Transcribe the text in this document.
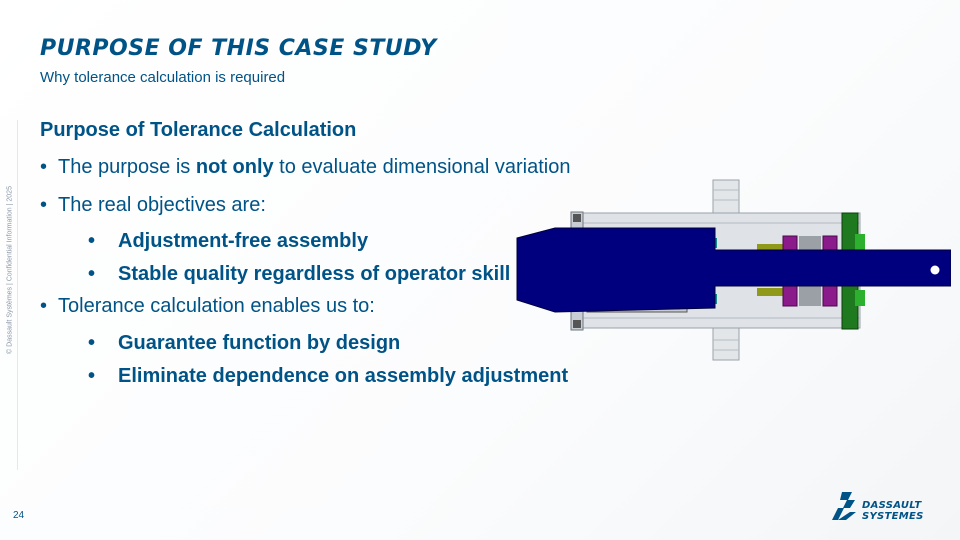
© Dassault Systèmes | Confidential Information | 2025
PURPOSE OF THIS CASE STUDY

Why tolerance calculation is required

Purpose of Tolerance Calculation
• The purpose is not only to evaluate dimensional variation
• The real objectives are:
• Adjustment-free assembly
• Stable quality regardless of operator skill
• Tolerance calculation enables us to:
• Guarantee function by design
• Eliminate dependence on assembly adjustment
24
DASSAULT
SYSTEMES
